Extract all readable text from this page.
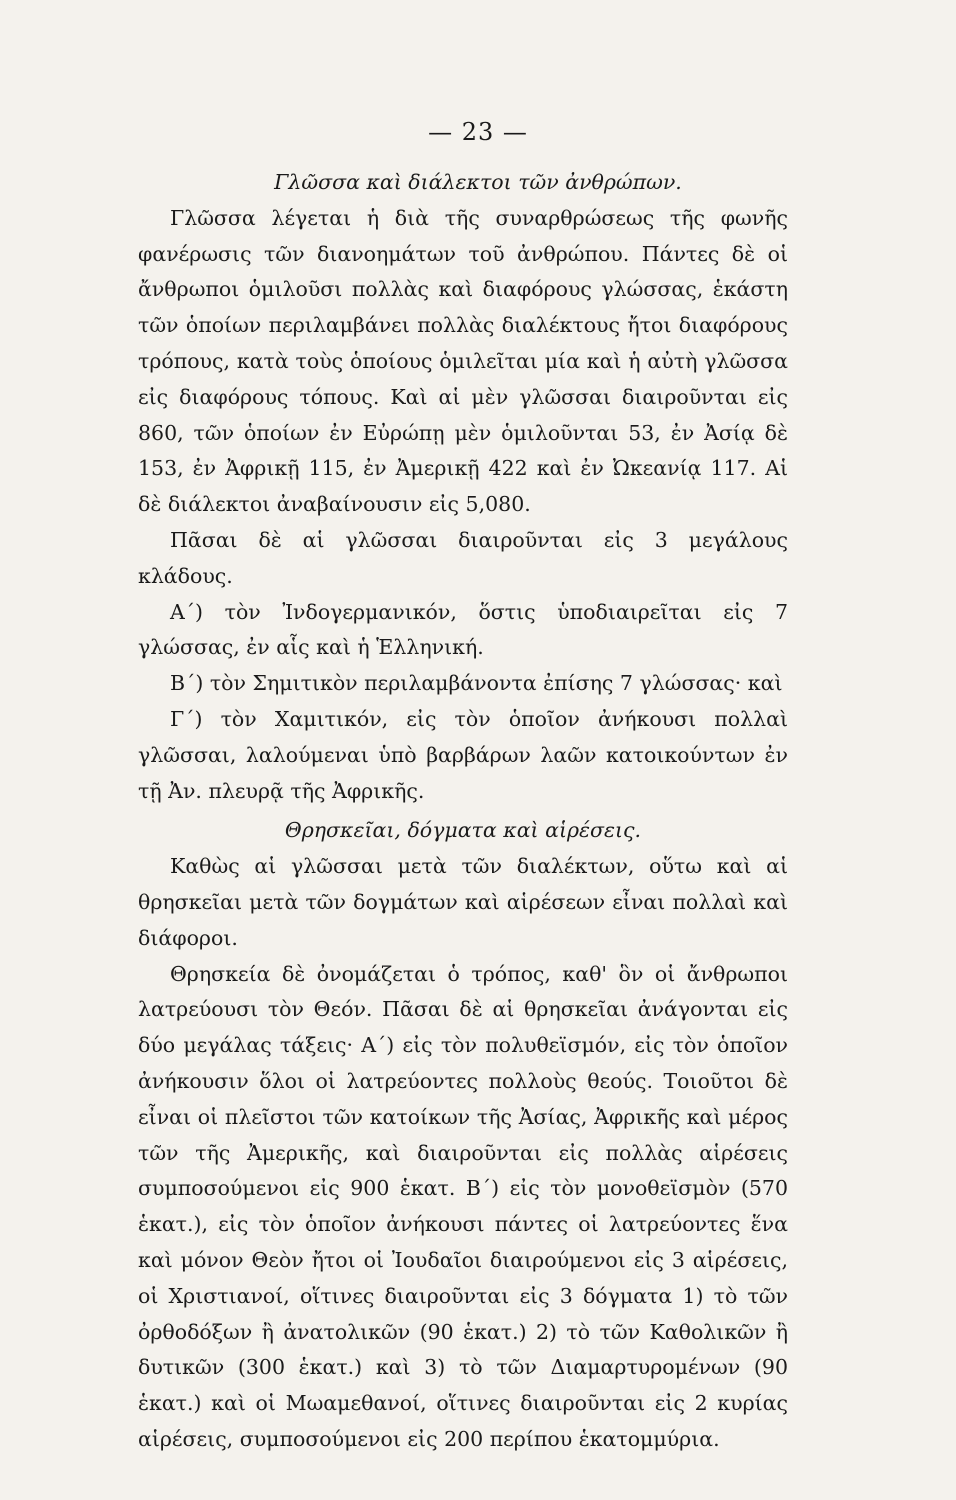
— 23 —
Γλῶσσα καὶ διάλεκτοι τῶν ἀνθρώπων.

Γλῶσσα λέγεται ἡ διὰ τῆς συναρθρώσεως τῆς φωνῆς φανέρωσις τῶν διανοημάτων τοῦ ἀνθρώπου. Πάντες δὲ οἱ ἄνθρωποι ὁμιλοῦσι πολλὰς καὶ διαφόρους γλώσσας, ἑκάστη τῶν ὁποίων περιλαμβάνει πολλὰς διαλέκτους ἤτοι διαφόρους τρόπους, κατὰ τοὺς ὁποίους ὁμιλεῖται μία καὶ ἡ αὐτὴ γλῶσσα εἰς διαφόρους τόπους. Καὶ αἱ μὲν γλῶσσαι διαιροῦνται εἰς 860, τῶν ὁποίων ἐν Εὐρώπῃ μὲν ὁμιλοῦνται 53, ἐν Ἀσίᾳ δὲ 153, ἐν Ἀφρικῇ 115, ἐν Ἀμερικῇ 422 καὶ ἐν Ὠκεανίᾳ 117. Αἱ δὲ διάλεκτοι ἀναβαίνουσιν εἰς 5,080.

Πᾶσαι δὲ αἱ γλῶσσαι διαιροῦνται εἰς 3 μεγάλους κλάδους.

Α΄) τὸν Ἰνδογερμανικόν, ὅστις ὑποδιαιρεῖται εἰς 7 γλώσσας, ἐν αἷς καὶ ἡ Ἑλληνική.

Β΄) τὸν Σημιτικὸν περιλαμβάνοντα ἐπίσης 7 γλώσσας· καὶ

Γ΄) τὸν Χαμιτικόν, εἰς τὸν ὁποῖον ἀνήκουσι πολλαὶ γλῶσσαι, λαλούμεναι ὑπὸ βαρβάρων λαῶν κατοικούντων ἐν τῇ Ἀν. πλευρᾷ τῆς Ἀφρικῆς.

Θρησκεῖαι, δόγματα καὶ αἱρέσεις.

Καθὼς αἱ γλῶσσαι μετὰ τῶν διαλέκτων, οὕτω καὶ αἱ θρησκεῖαι μετὰ τῶν δογμάτων καὶ αἱρέσεων εἶναι πολλαὶ καὶ διάφοροι.

Θρησκεία δὲ ὀνομάζεται ὁ τρόπος, καθ' ὃν οἱ ἄνθρωποι λατρεύουσι τὸν Θεόν. Πᾶσαι δὲ αἱ θρησκεῖαι ἀνάγονται εἰς δύο μεγάλας τάξεις· Α΄) εἰς τὸν πολυθεϊσμόν, εἰς τὸν ὁποῖον ἀνήκουσιν ὅλοι οἱ λατρεύοντες πολλοὺς θεούς. Τοιοῦτοι δὲ εἶναι οἱ πλεῖστοι τῶν κατοίκων τῆς Ἀσίας, Ἀφρικῆς καὶ μέρος τῶν τῆς Ἀμερικῆς, καὶ διαιροῦνται εἰς πολλὰς αἱρέσεις συμποσούμενοι εἰς 900 ἑκατ. Β΄) εἰς τὸν μονοθεϊσμὸν (570 ἑκατ.), εἰς τὸν ὁποῖον ἀνήκουσι πάντες οἱ λατρεύοντες ἕνα καὶ μόνον Θεὸν ἤτοι οἱ Ἰουδαῖοι διαιρούμενοι εἰς 3 αἱρέσεις, οἱ Χριστιανοί, οἵτινες διαιροῦνται εἰς 3 δόγματα 1) τὸ τῶν ὀρθοδόξων ἢ ἀνατολικῶν (90 ἑκατ.) 2) τὸ τῶν Καθολικῶν ἢ δυτικῶν (300 ἑκατ.) καὶ 3) τὸ τῶν Διαμαρτυρομένων (90 ἑκατ.) καὶ οἱ Μωαμεθανοί, οἵτινες διαιροῦνται εἰς 2 κυρίας αἱρέσεις, συμποσούμενοι εἰς 200 περίπου ἑκατομμύρια.
